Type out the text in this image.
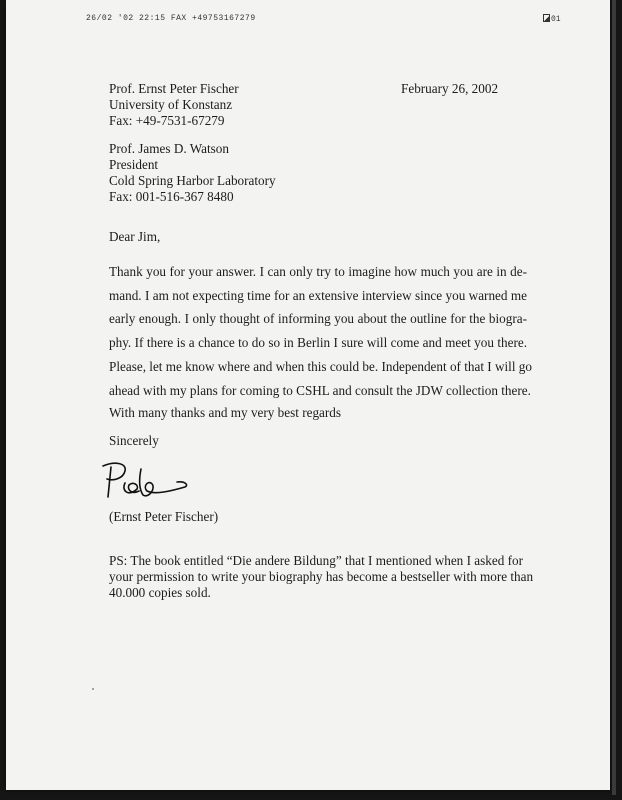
26/02 '02 22:15 FAX +49753167279	01
Prof. Ernst Peter Fischer
University of Konstanz
Fax: +49-7531-67279
February 26, 2002
Prof. James D. Watson
President
Cold Spring Harbor Laboratory
Fax: 001-516-367 8480
Dear Jim,
Thank you for your answer. I can only try to imagine how much you are in de-
mand. I am not expecting time for an extensive interview since you warned me
early enough. I only thought of informing you about the outline for the biogra-
phy. If there is a chance to do so in Berlin I sure will come and meet you there.
Please, let me know where and when this could be. Independent of that I will go
ahead with my plans for coming to CSHL and consult the JDW collection there.
With many thanks and my very best regards
Sincerely
(Ernst Peter Fischer)
PS: The book entitled “Die andere Bildung” that I mentioned when I asked for
your permission to write your biography has become a bestseller with more than
40.000 copies sold.
